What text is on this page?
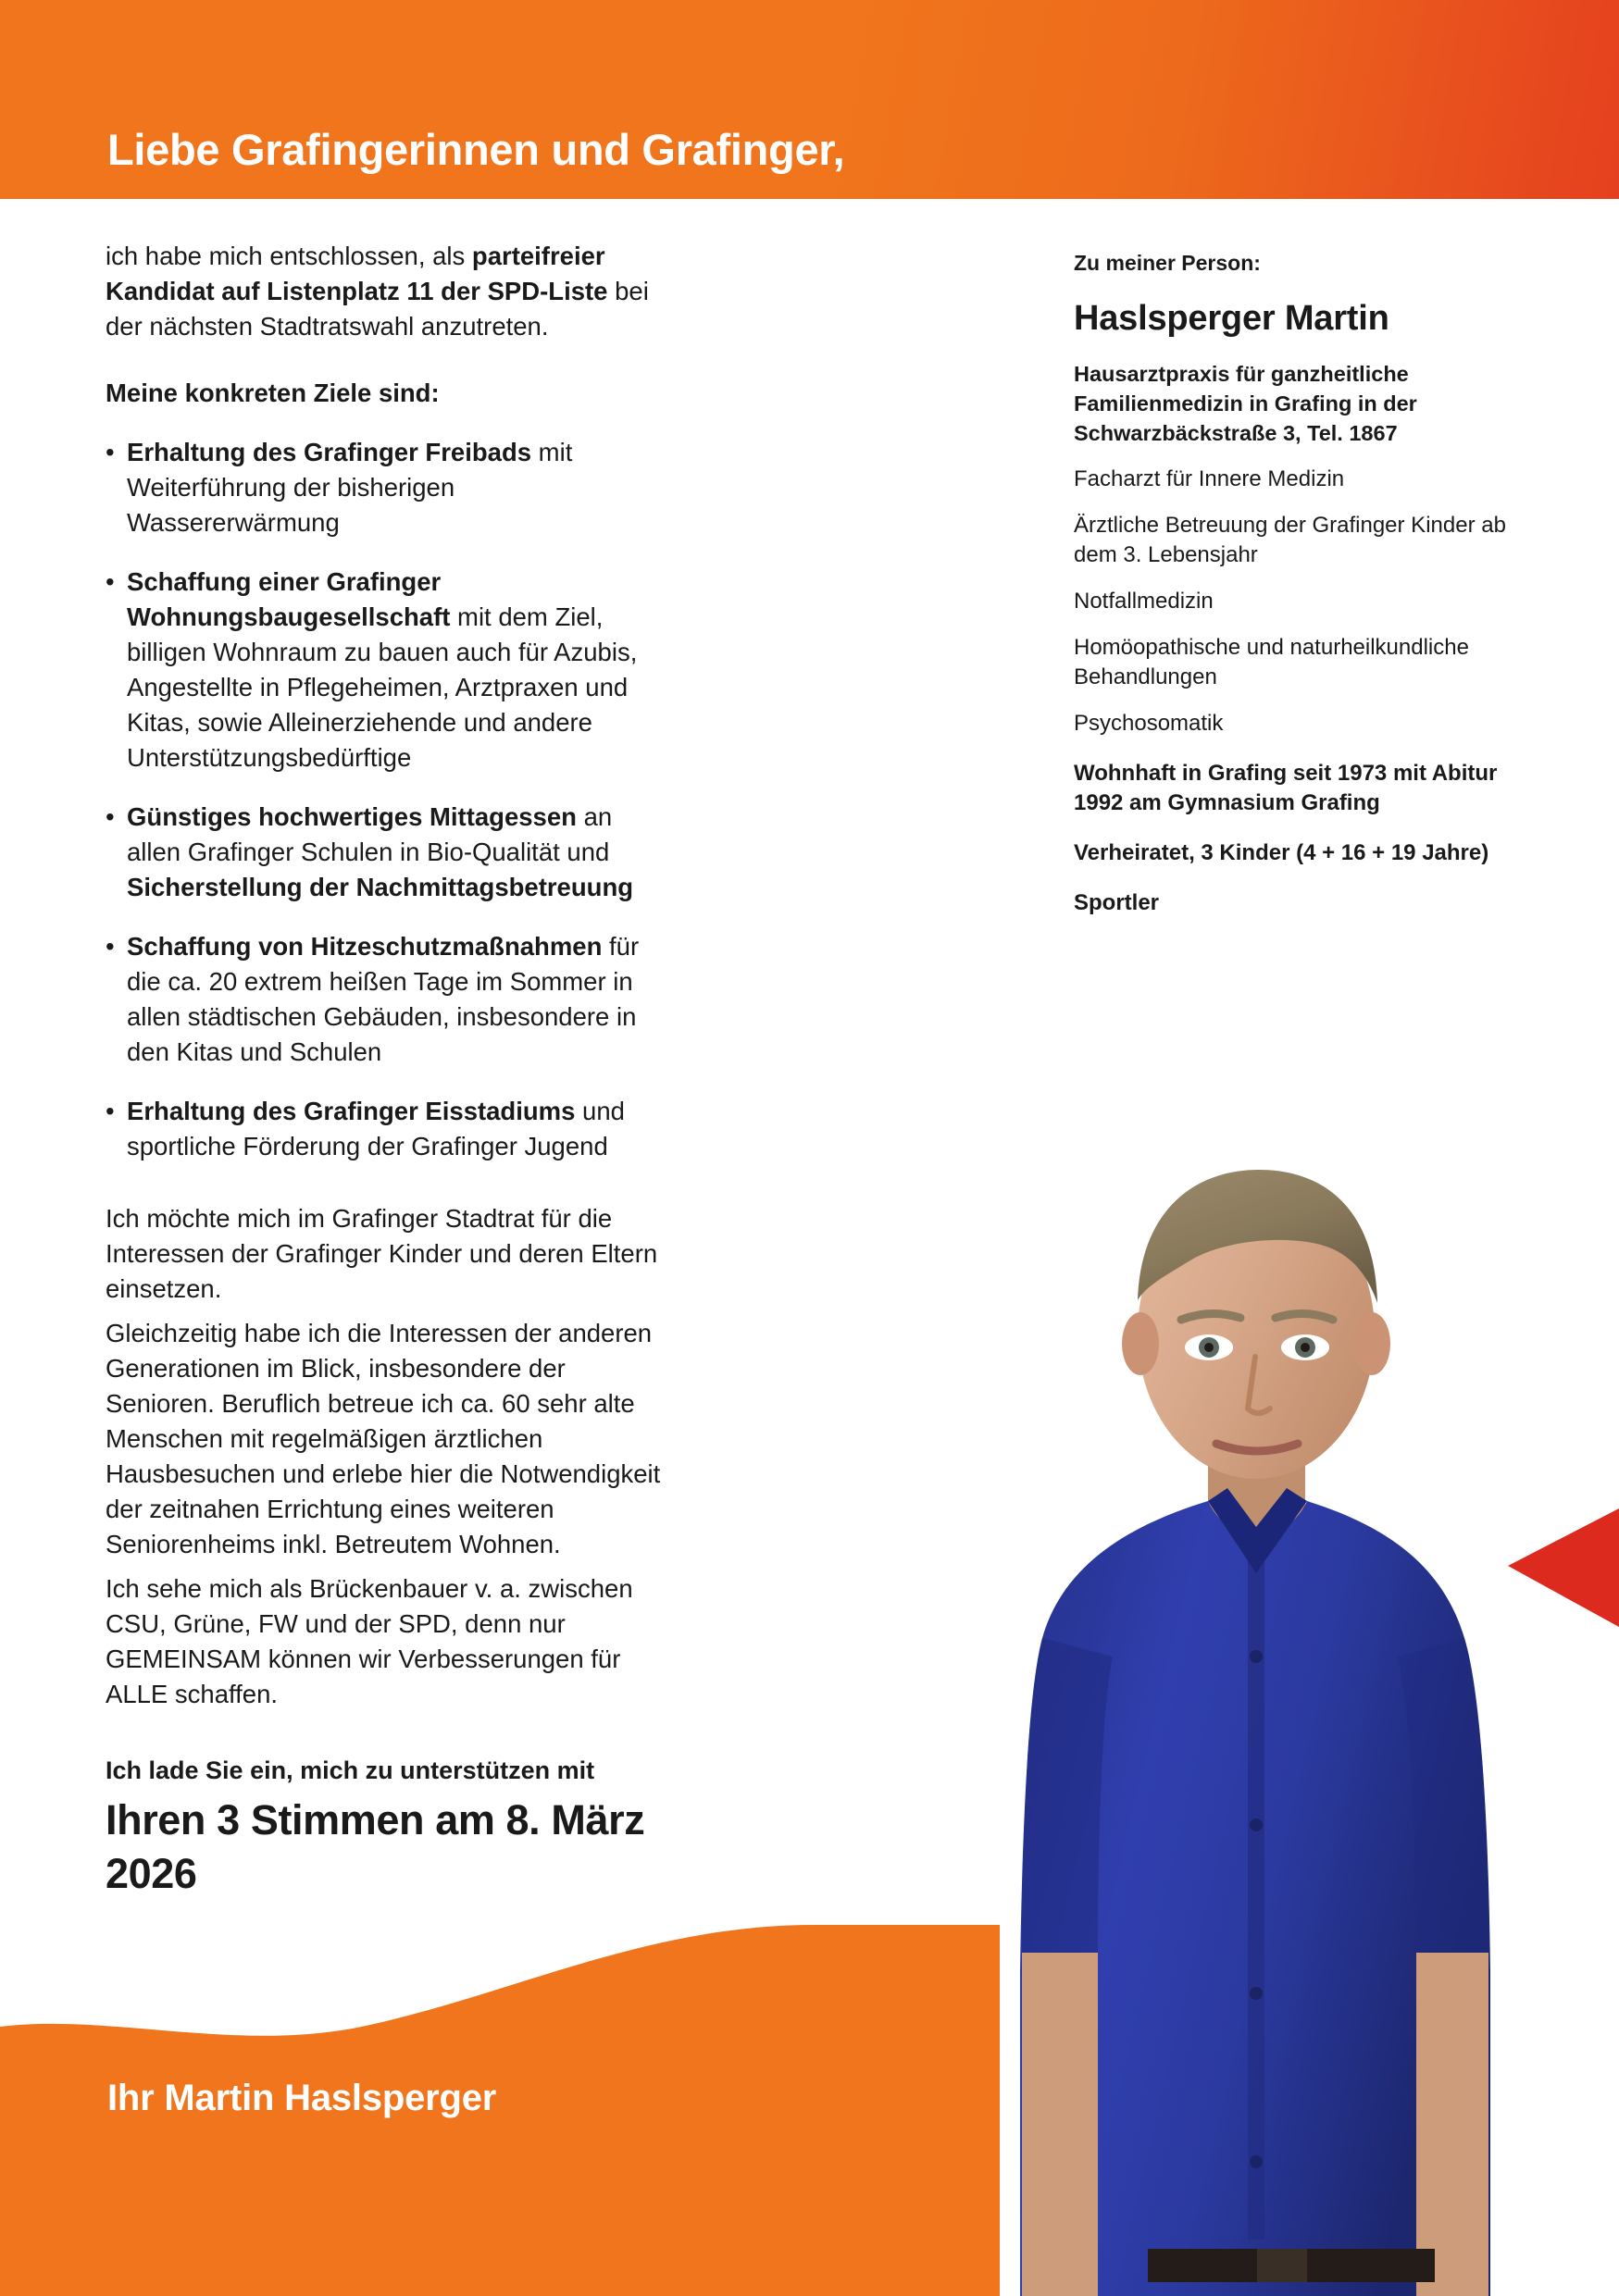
Liebe Grafingerinnen und Grafinger,
Ihr Martin Haslsperger

ich habe mich entschlossen, als parteifreier Kandidat auf Listenplatz 11 der SPD-Liste bei der nächsten Stadtratswahl anzutreten.

Meine konkreten Ziele sind:

• Erhaltung des Grafinger Freibads mit Weiterführung der bisherigen Wassererwärmung
• Schaffung einer Grafinger Wohnungsbaugesellschaft mit dem Ziel, billigen Wohnraum zu bauen auch für Azubis, Angestellte in Pflegeheimen, Arztpraxen und Kitas, sowie Alleinerziehende und andere Unterstützungsbedürftige
• Günstiges hochwertiges Mittagessen an allen Grafinger Schulen in Bio-Qualität und Sicherstellung der Nachmittagsbetreuung
• Schaffung von Hitzeschutzmaßnahmen für die ca. 20 extrem heißen Tage im Sommer in allen städtischen Gebäuden, insbesondere in den Kitas und Schulen
• Erhaltung des Grafinger Eisstadiums und sportliche Förderung der Grafinger Jugend

Ich möchte mich im Grafinger Stadtrat für die Interessen der Grafinger Kinder und deren Eltern einsetzen.

Gleichzeitig habe ich die Interessen der anderen Generationen im Blick, insbesondere der Senioren. Beruflich betreue ich ca. 60 sehr alte Menschen mit regelmäßigen ärztlichen Hausbesuchen und erlebe hier die Notwendigkeit der zeitnahen Errichtung eines weiteren Seniorenheims inkl. Betreutem Wohnen.

Ich sehe mich als Brückenbauer v. a. zwischen CSU, Grüne, FW und der SPD, denn nur GEMEINSAM können wir Verbesserungen für ALLE schaffen.

Ich lade Sie ein, mich zu unterstützen mit

Ihren 3 Stimmen am 8. März 2026

Zu meiner Person:

Haslsperger Martin

Hausarztpraxis für ganzheitliche Familienmedizin in Grafing in der Schwarzbäckstraße 3, Tel. 1867

Facharzt für Innere Medizin

Ärztliche Betreuung der Grafinger Kinder ab dem 3. Lebensjahr

Notfallmedizin

Homöopathische und naturheilkundliche Behandlungen

Psychosomatik

Wohnhaft in Grafing seit 1973 mit Abitur 1992 am Gymnasium Grafing

Verheiratet, 3 Kinder (4 + 16 + 19 Jahre)

Sportler
